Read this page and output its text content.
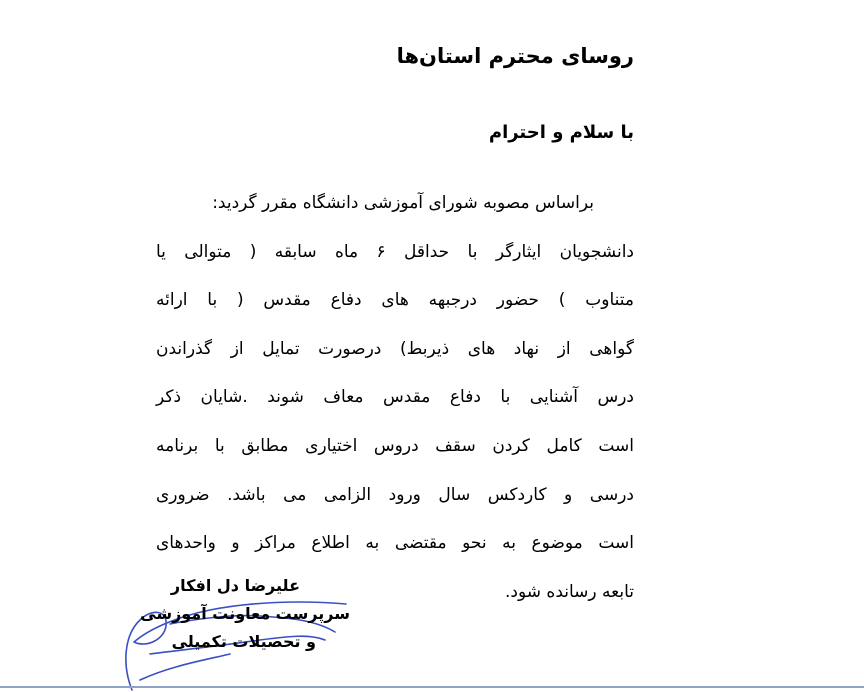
روسای محترم استان‌ها
با سلام و احترام
براساس مصوبه شورای آموزشی دانشگاه مقرر گردید:
دانشجویان ایثارگر با حداقل ۶ ماه سابقه ( متوالی یا
متناوب ) حضور درجبهه های دفاع مقدس ( با ارائه
گواهی از نهاد های ذیربط) درصورت تمایل از گذراندن
درس آشنایی با دفاع مقدس معاف شوند .شایان ذکر
است کامل کردن سقف دروس اختیاری مطابق با برنامه
درسی و کاردکس سال ورود الزامی می باشد. ضروری
است موضوع به نحو مقتضی به اطلاع مراکز و واحدهای
تابعه رسانده شود.
علیرضا دل افکار
سرپرست معاونت آموزشی
و تحصیلات تکمیلی
